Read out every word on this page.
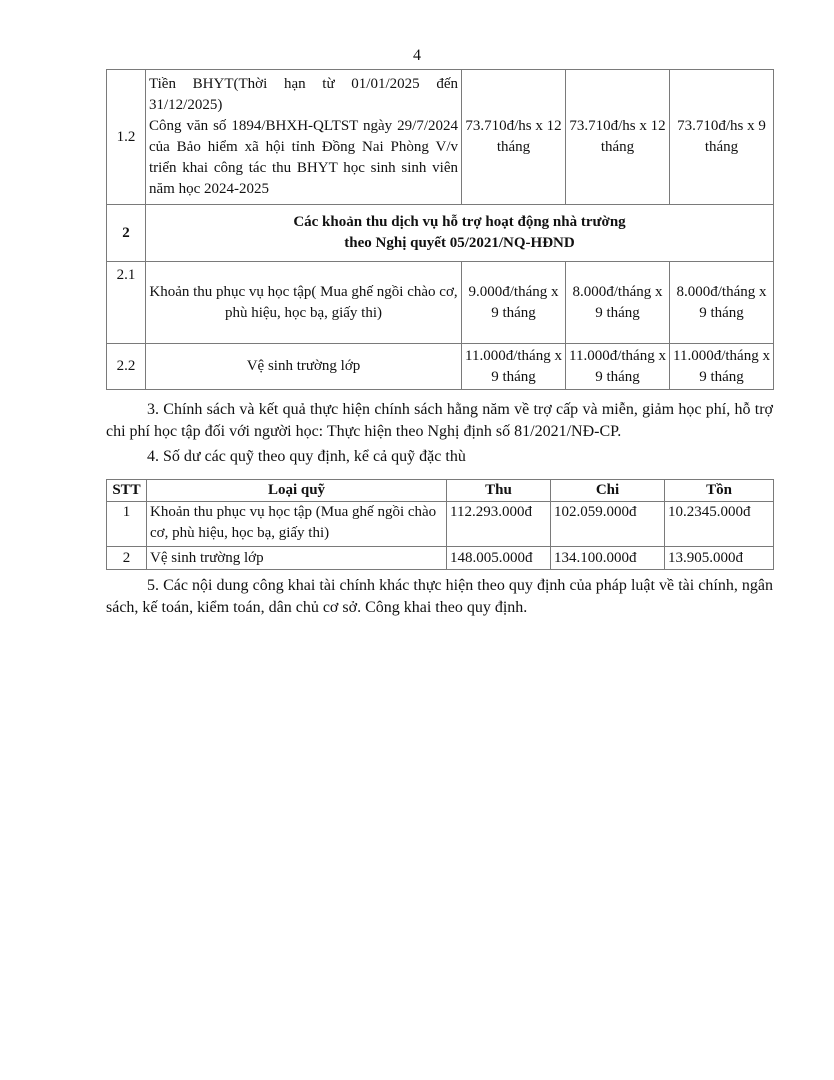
4
1.2	Tiền BHYT(Thời hạn từ 01/01/2025 đến 31/12/2025)
Công văn số 1894/BHXH-QLTST ngày 29/7/2024 của Bảo hiểm xã hội tỉnh Đồng Nai Phòng V/v triển khai công tác thu BHYT học sinh sinh viên năm học 2024-2025	73.710đ/hs x 12 tháng	73.710đ/hs x 12 tháng	73.710đ/hs x 9 tháng
2	Các khoản thu dịch vụ hỗ trợ hoạt động nhà trường
theo Nghị quyết 05/2021/NQ-HĐND			

2.1	Khoản thu phục vụ học tập( Mua ghế ngồi chào cơ, phù hiệu, học bạ, giấy thi)	9.000đ/tháng x 9 tháng	8.000đ/tháng x 9 tháng	8.000đ/tháng x 9 tháng
2.2	Vệ sinh trường lớp	11.000đ/tháng x 9 tháng	11.000đ/tháng x 9 tháng	11.000đ/tháng x 9 tháng
3. Chính sách và kết quả thực hiện chính sách hằng năm về trợ cấp và miễn, giảm học phí, hỗ trợ chi phí học tập đối với người học: Thực hiện theo Nghị định số 81/2021/NĐ-CP.
4. Số dư các quỹ theo quy định, kể cả quỹ đặc thù
STT	Loại quỹ	Thu	Chi	Tồn
1	Khoản thu phục vụ học tập (Mua ghế ngồi chào cơ, phù hiệu, học bạ, giấy thi)	112.293.000đ	102.059.000đ	10.2345.000đ
2	Vệ sinh trường lớp	148.005.000đ	134.100.000đ	13.905.000đ
5. Các nội dung công khai tài chính khác thực hiện theo quy định của pháp luật về tài chính, ngân sách, kế toán, kiểm toán, dân chủ cơ sở. Công khai theo quy định.
